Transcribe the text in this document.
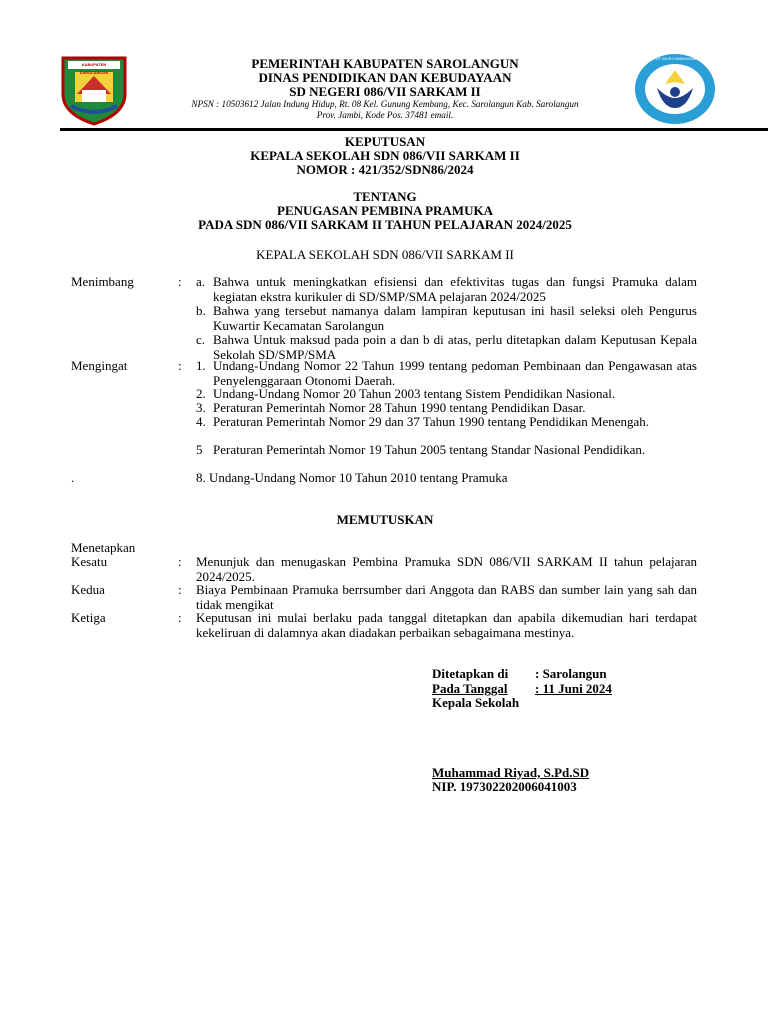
KABUPATEN SAROLANGUN
TUT WURI HANDAYANI
PEMERINTAH KABUPATEN SAROLANGUN
DINAS PENDIDIKAN DAN KEBUDAYAAN
SD NEGERI 086/VII SARKAM II
NPSN : 10503612 Jalan Indung Hidup, Rt. 08 Kel. Gunung Kembang, Kec. Sarolangun Kab. Sarolangun
Prov. Jambi, Kode Pos. 37481 email.
KEPUTUSAN
KEPALA SEKOLAH SDN 086/VII SARKAM II
NOMOR : 421/352/SDN86/2024
TENTANG
PENUGASAN PEMBINA PRAMUKA
PADA SDN 086/VII SARKAM II TAHUN PELAJARAN 2024/2025
KEPALA SEKOLAH SDN 086/VII SARKAM II
Menimbang	: a. Bahwa untuk meningkatkan efisiensi dan efektivitas tugas dan fungsi Pramuka dalam kegiatan ekstra kurikuler di SD/SMP/SMA pelajaran 2024/2025
b. Bahwa yang tersebut namanya dalam lampiran keputusan ini hasil seleksi oleh Pengurus Kuwartir Kecamatan Sarolangun
c. Bahwa Untuk maksud pada poin a dan b di atas, perlu ditetapkan dalam Keputusan Kepala Sekolah SD/SMP/SMA
Mengingat	: 1. Undang-Undang Nomor 22 Tahun 1999 tentang pedoman Pembinaan dan Pengawasan atas Penyelenggaraan Otonomi Daerah.
2. Undang-Undang Nomor 20 Tahun 2003 tentang Sistem Pendidikan Nasional.
3. Peraturan Pemerintah Nomor 28 Tahun 1990 tentang Pendidikan Dasar.
4. Peraturan Pemerintah Nomor 29 dan 37 Tahun 1990 tentang Pendidikan Menengah.
5 Peraturan Pemerintah Nomor 19 Tahun 2005 tentang Standar Nasional Pendidikan.
.	8. Undang-Undang Nomor 10 Tahun 2010 tentang Pramuka
MEMUTUSKAN
Menetapkan
Kesatu	: Menunjuk dan menugaskan Pembina Pramuka SDN 086/VII SARKAM II tahun pelajaran 2024/2025.
Kedua	: Biaya Pembinaan Pramuka berrsumber dari Anggota dan RABS dan sumber lain yang sah dan tidak mengikat
Ketiga	: Keputusan ini mulai berlaku pada tanggal ditetapkan dan apabila dikemudian hari terdapat kekeliruan di dalamnya akan diadakan perbaikan sebagaimana mestinya.
Ditetapkan di : Sarolangun
Pada Tanggal : 11 Juni 2024
Kepala Sekolah
Muhammad Riyad, S.Pd.SD
NIP. 197302202006041003
